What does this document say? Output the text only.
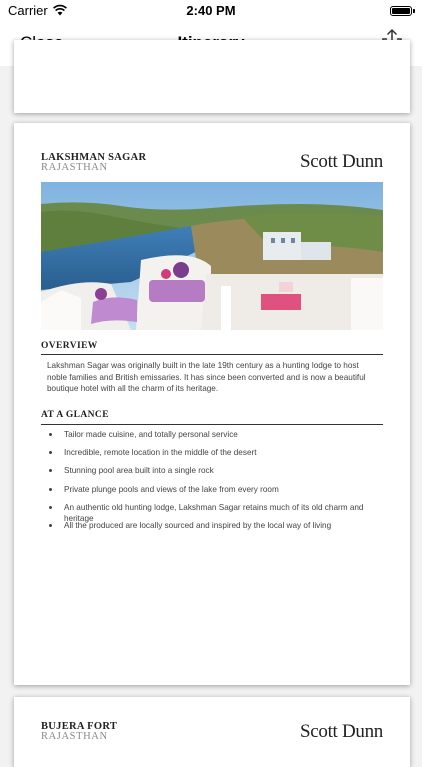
Carrier	2:40 PM
LAKSHMAN SAGAR
RAJASTHAN	Scott Dunn
OVERVIEW
Lakshman Sagar was originally built in the late 19th century as a hunting lodge to host noble families and British emissaries. It has since been converted and is now a beautiful boutique hotel with all the charm of its heritage.
AT A GLANCE
Tailor made cuisine, and totally personal service
Incredible, remote location in the middle of the desert
Stunning pool area built into a single rock
Private plunge pools and views of the lake from every room
An authentic old hunting lodge, Lakshman Sagar retains much of its old charm and heritage
All the produced are locally sourced and inspired by the local way of living
BUJERA FORT
RAJASTHAN	Scott Dunn
